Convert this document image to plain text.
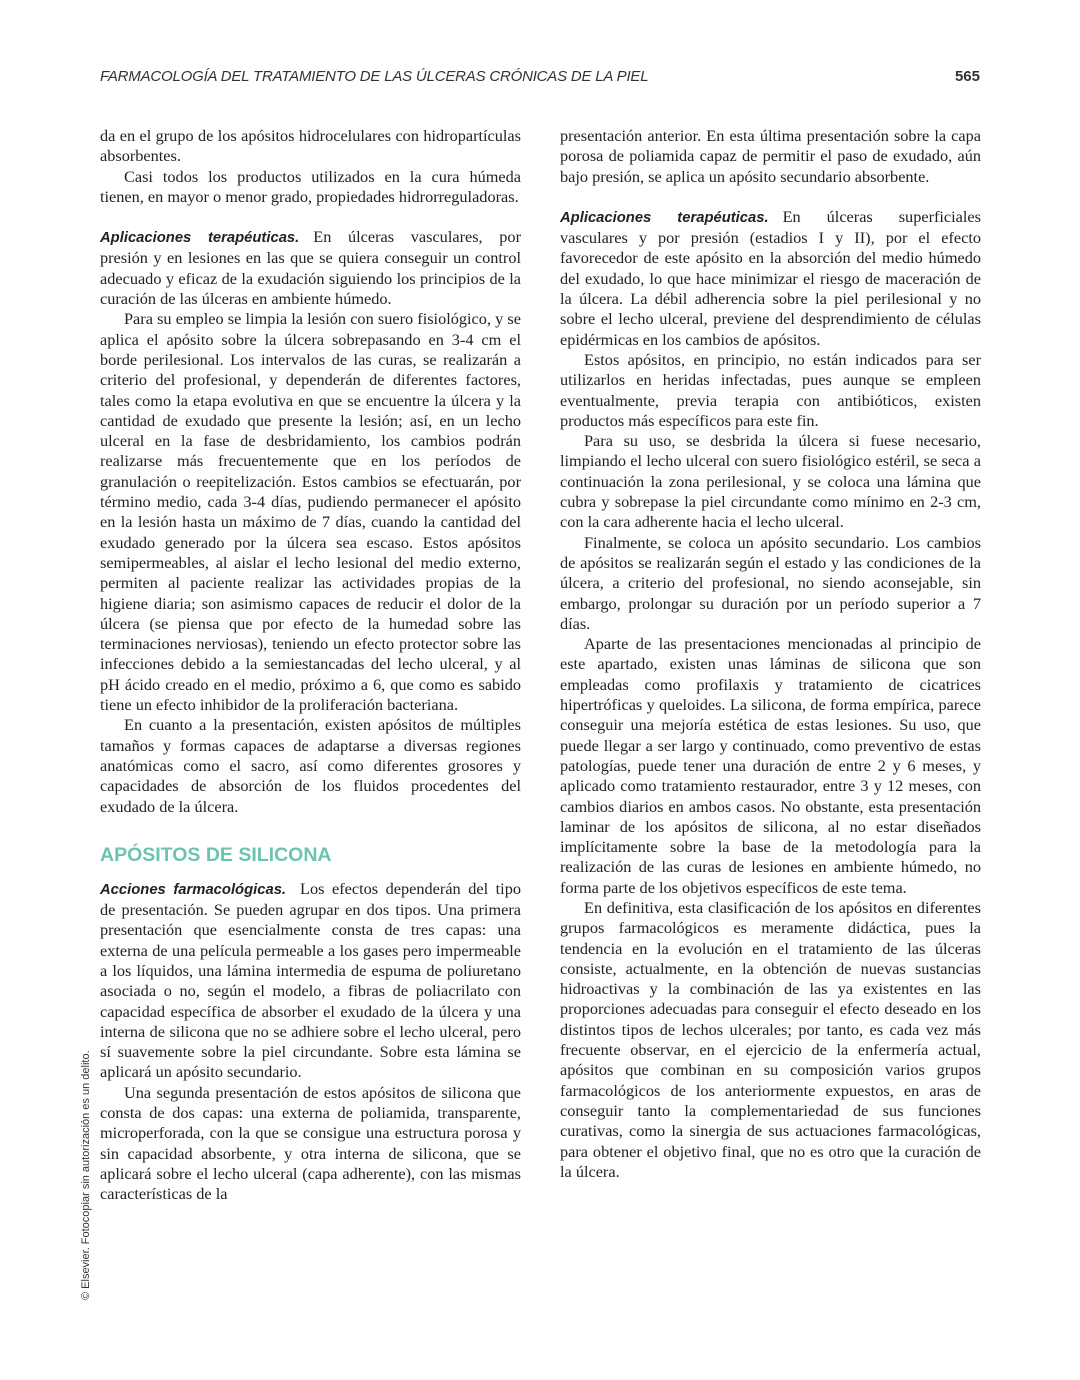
FARMACOLOGÍA DEL TRATAMIENTO DE LAS ÚLCERAS CRÓNICAS DE LA PIEL	565

da en el grupo de los apósitos hidrocelulares con hidropartículas absorbentes.

Casi todos los productos utilizados en la cura húmeda tienen, en mayor o menor grado, propiedades hidrorreguladoras.

Aplicaciones terapéuticas. En úlceras vasculares, por presión y en lesiones en las que se quiera conseguir un control adecuado y eficaz de la exudación siguiendo los principios de la curación de las úlceras en ambiente húmedo.

Para su empleo se limpia la lesión con suero fisiológico, y se aplica el apósito sobre la úlcera sobrepasando en 3-4 cm el borde perilesional. Los intervalos de las curas, se realizarán a criterio del profesional, y dependerán de diferentes factores, tales como la etapa evolutiva en que se encuentre la úlcera y la cantidad de exudado que presente la lesión; así, en un lecho ulceral en la fase de desbridamiento, los cambios podrán realizarse más frecuentemente que en los períodos de granulación o reepitelización. Estos cambios se efectuarán, por término medio, cada 3-4 días, pudiendo permanecer el apósito en la lesión hasta un máximo de 7 días, cuando la cantidad del exudado generado por la úlcera sea escaso. Estos apósitos semipermeables, al aislar el lecho lesional del medio externo, permiten al paciente realizar las actividades propias de la higiene diaria; son asimismo capaces de reducir el dolor de la úlcera (se piensa que por efecto de la humedad sobre las terminaciones nerviosas), teniendo un efecto protector sobre las infecciones debido a la semiestancadas del lecho ulceral, y al pH ácido creado en el medio, próximo a 6, que como es sabido tiene un efecto inhibidor de la proliferación bacteriana.

En cuanto a la presentación, existen apósitos de múltiples tamaños y formas capaces de adaptarse a diversas regiones anatómicas como el sacro, así como diferentes grosores y capacidades de absorción de los fluidos procedentes del exudado de la úlcera.

APÓSITOS DE SILICONA

Acciones farmacológicas. Los efectos dependerán del tipo de presentación. Se pueden agrupar en dos tipos. Una primera presentación que esencialmente consta de tres capas: una externa de una película permeable a los gases pero impermeable a los líquidos, una lámina intermedia de espuma de poliuretano asociada o no, según el modelo, a fibras de poliacrilato con capacidad específica de absorber el exudado de la úlcera y una interna de silicona que no se adhiere sobre el lecho ulceral, pero sí suavemente sobre la piel circundante. Sobre esta lámina se aplicará un apósito secundario.

Una segunda presentación de estos apósitos de silicona que consta de dos capas: una externa de poliamida, transparente, microperforada, con la que se consigue una estructura porosa y sin capacidad absorbente, y otra interna de silicona, que se aplicará sobre el lecho ulceral (capa adherente), con las mismas características de la

presentación anterior. En esta última presentación sobre la capa porosa de poliamida capaz de permitir el paso de exudado, aún bajo presión, se aplica un apósito secundario absorbente.

Aplicaciones terapéuticas. En úlceras superficiales vasculares y por presión (estadios I y II), por el efecto favorecedor de este apósito en la absorción del medio húmedo del exudado, lo que hace minimizar el riesgo de maceración de la úlcera. La débil adherencia sobre la piel perilesional y no sobre el lecho ulceral, previene del desprendimiento de células epidérmicas en los cambios de apósitos.

Estos apósitos, en principio, no están indicados para ser utilizarlos en heridas infectadas, pues aunque se empleen eventualmente, previa terapia con antibióticos, existen productos más específicos para este fin.

Para su uso, se desbrida la úlcera si fuese necesario, limpiando el lecho ulceral con suero fisiológico estéril, se seca a continuación la zona perilesional, y se coloca una lámina que cubra y sobrepase la piel circundante como mínimo en 2-3 cm, con la cara adherente hacia el lecho ulceral.

Finalmente, se coloca un apósito secundario. Los cambios de apósitos se realizarán según el estado y las condiciones de la úlcera, a criterio del profesional, no siendo aconsejable, sin embargo, prolongar su duración por un período superior a 7 días.

Aparte de las presentaciones mencionadas al principio de este apartado, existen unas láminas de silicona que son empleadas como profilaxis y tratamiento de cicatrices hipertróficas y queloides. La silicona, de forma empírica, parece conseguir una mejoría estética de estas lesiones. Su uso, que puede llegar a ser largo y continuado, como preventivo de estas patologías, puede tener una duración de entre 2 y 6 meses, y aplicado como tratamiento restaurador, entre 3 y 12 meses, con cambios diarios en ambos casos. No obstante, esta presentación laminar de los apósitos de silicona, al no estar diseñados implícitamente sobre la base de la metodología para la realización de las curas de lesiones en ambiente húmedo, no forma parte de los objetivos específicos de este tema.

En definitiva, esta clasificación de los apósitos en diferentes grupos farmacológicos es meramente didáctica, pues la tendencia en la evolución en el tratamiento de las úlceras consiste, actualmente, en la obtención de nuevas sustancias hidroactivas y la combinación de las ya existentes en las proporciones adecuadas para conseguir el efecto deseado en los distintos tipos de lechos ulcerales; por tanto, es cada vez más frecuente observar, en el ejercicio de la enfermería actual, apósitos que combinan en su composición varios grupos farmacológicos de los anteriormente expuestos, en aras de conseguir tanto la complementariedad de sus funciones curativas, como la sinergia de sus actuaciones farmacológicas, para obtener el objetivo final, que no es otro que la curación de la úlcera.

© Elsevier. Fotocopiar sin autorización es un delito.
